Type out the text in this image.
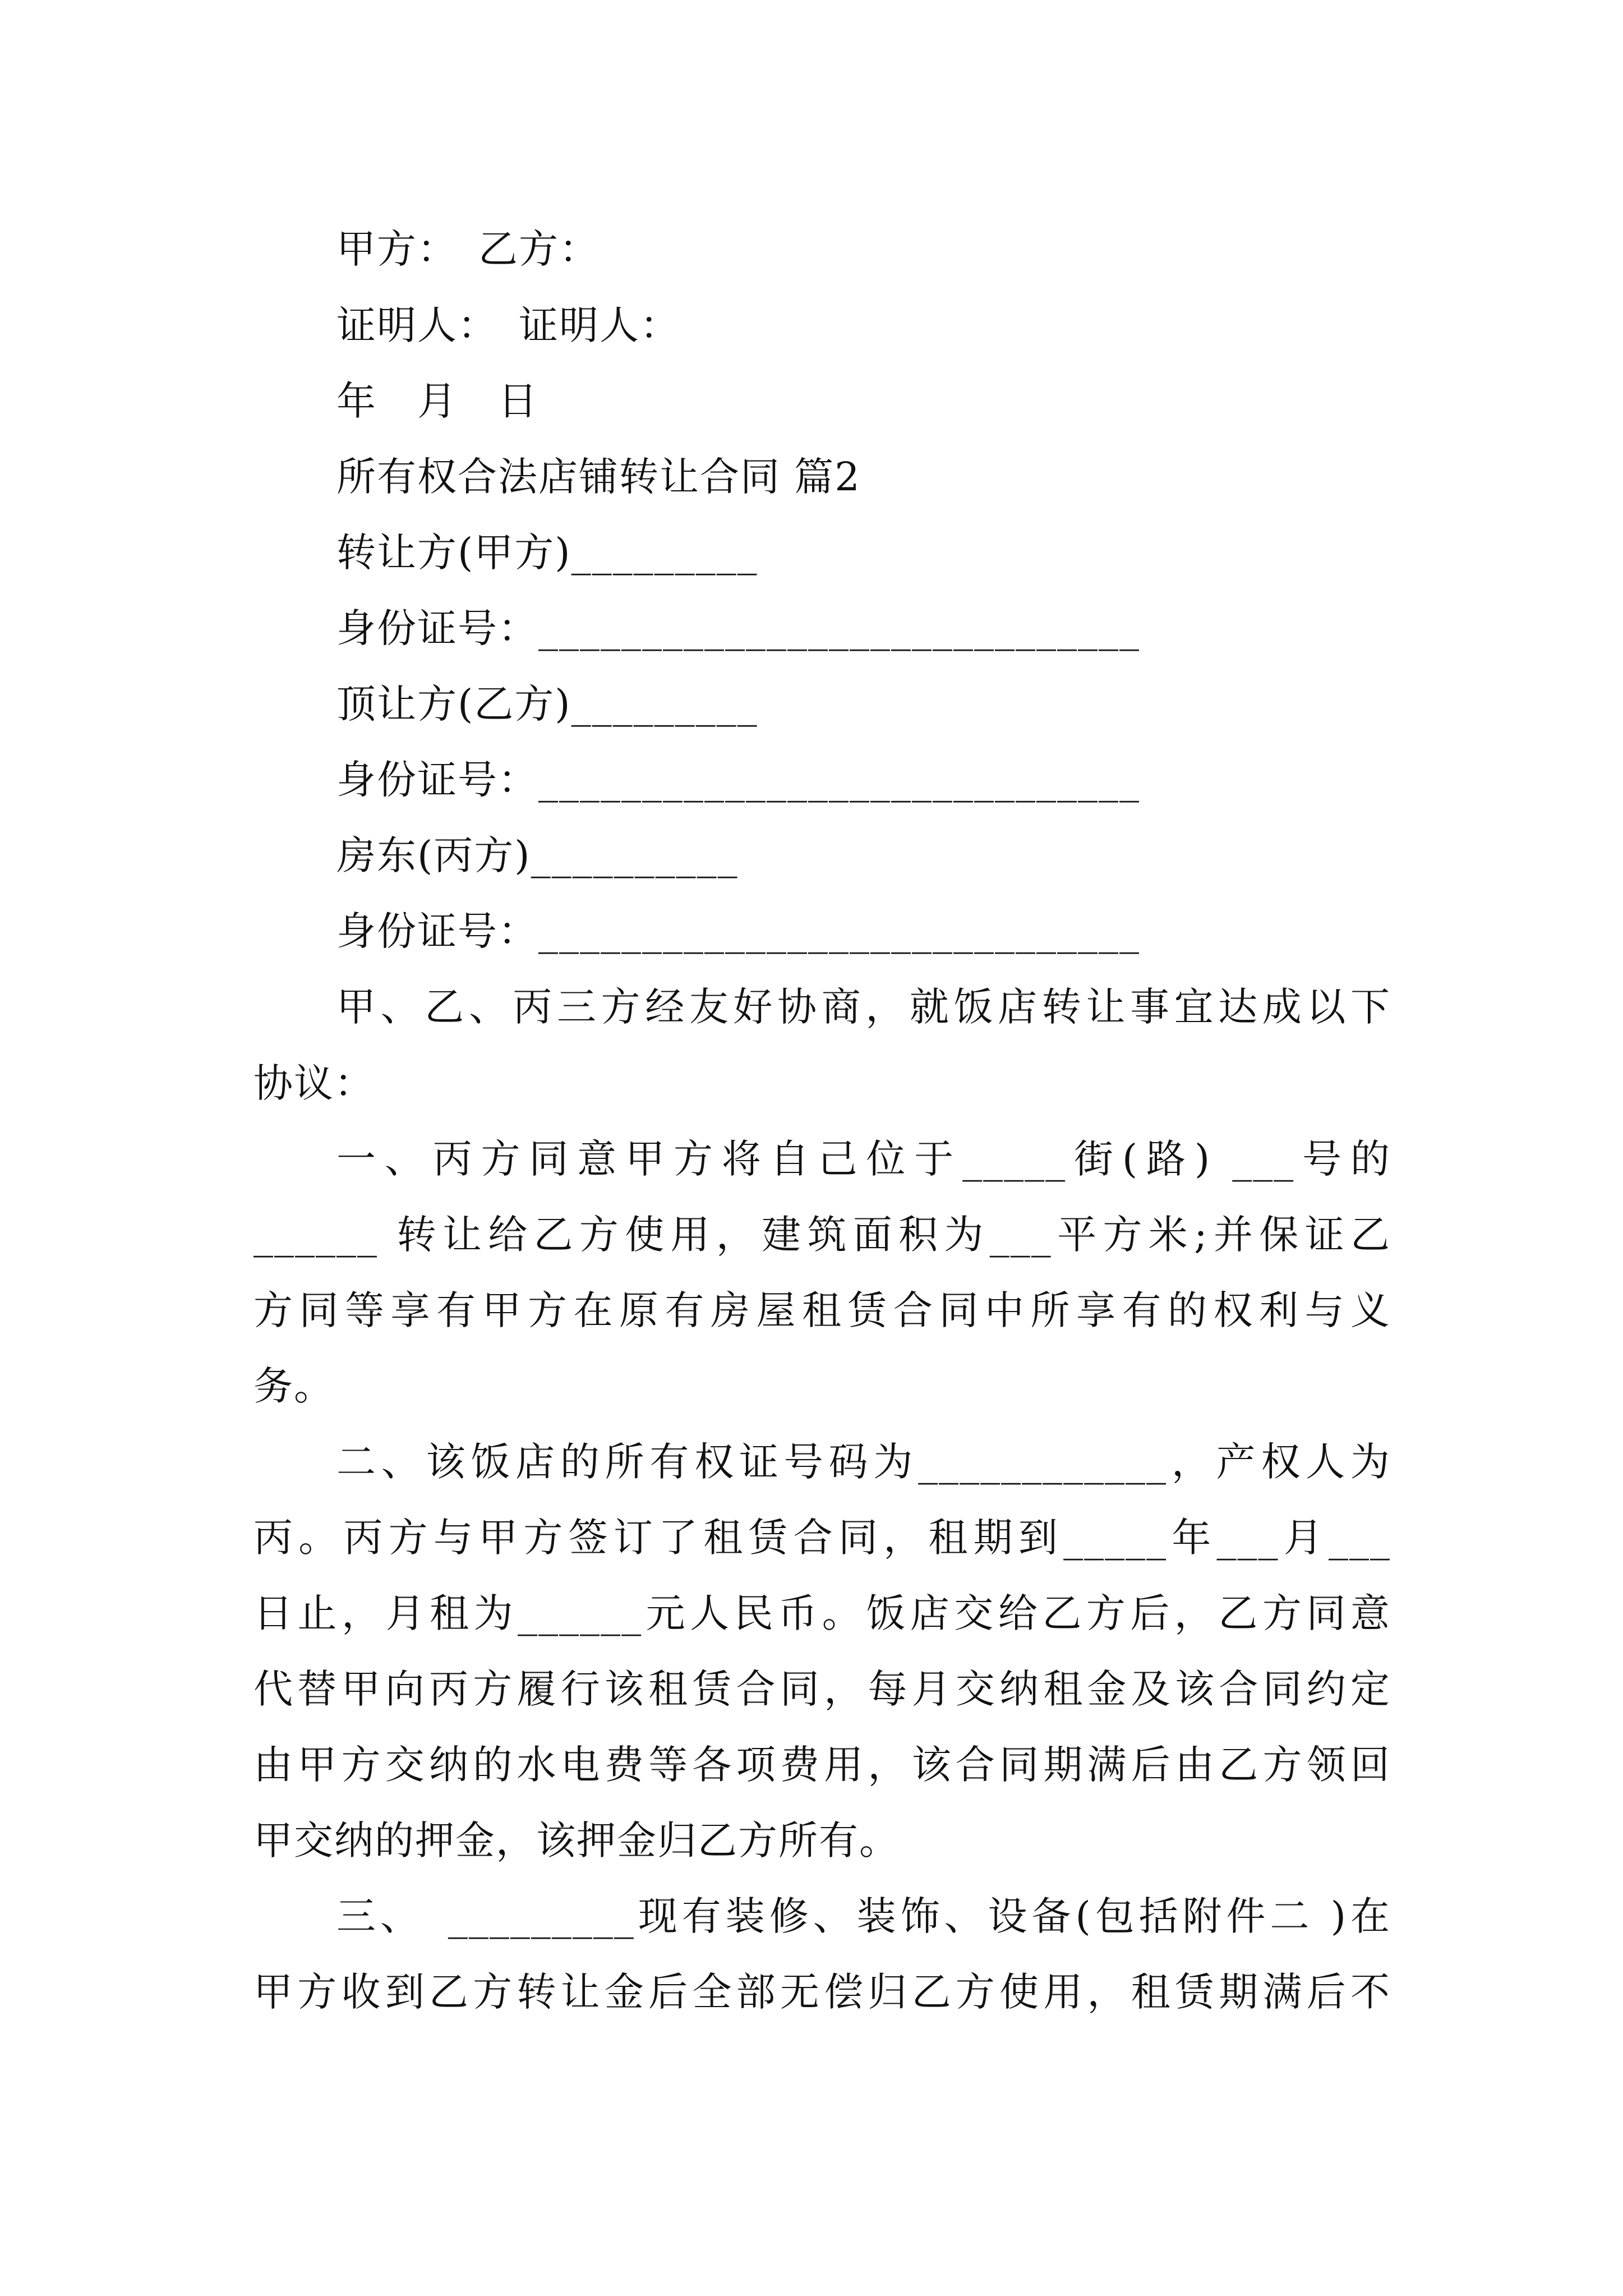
甲方：　乙方：
证明人：　证明人：
年　月　日
所有权合法店铺转让合同 篇2
转让方(甲方)_________
身份证号：_____________________________
顶让方(乙方)_________
身份证号：_____________________________
房东(丙方)__________
身份证号：_____________________________
甲、乙、丙三方经友好协商，就饭店转让事宜达成以下
协议：
一、丙方同意甲方将自己位于_____街(路) ___号的
______ 转让给乙方使用，建筑面积为___平方米;并保证乙
方同等享有甲方在原有房屋租赁合同中所享有的权利与义
务。
二、该饭店的所有权证号码为____________，产权人为
丙。丙方与甲方签订了租赁合同，租期到_____年___月___
日止，月租为______元人民币。饭店交给乙方后，乙方同意
代替甲向丙方履行该租赁合同，每月交纳租金及该合同约定
由甲方交纳的水电费等各项费用，该合同期满后由乙方领回
甲交纳的押金，该押金归乙方所有。
三、　_________现有装修、装饰、设备(包括附件二 )在
甲方收到乙方转让金后全部无偿归乙方使用，租赁期满后不
